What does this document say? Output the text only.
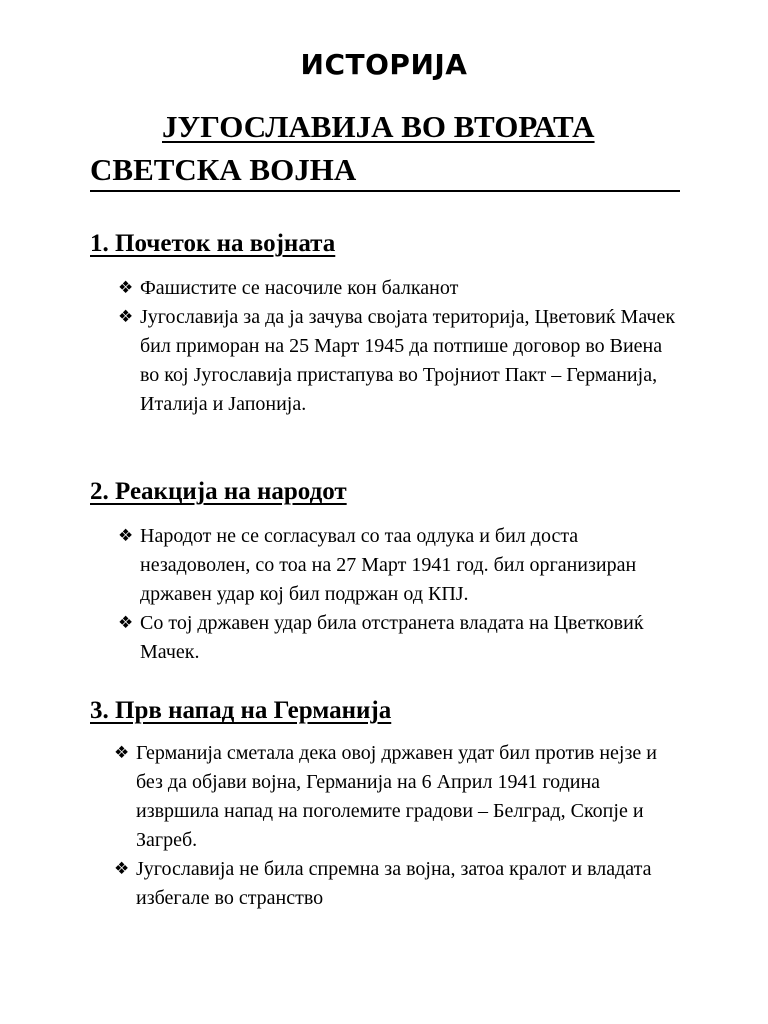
ИСТОРИЈА
ЈУГОСЛАВИЈА ВО ВТОРАТА
СВЕТСКА ВОЈНА
1. Почеток на војната
❖ Фашистите се насочиле кон балканот
❖ Југославија за да ја зачува својата територија, Цветовиќ Мачек бил приморан на 25 Март 1945 да потпише договор во Виена во кој Југославија пристапува во Тројниот Пакт – Германија, Италија и Јапонија.
2. Реакција на народот
❖ Народот не се согласувал со таа одлука и бил доста незадоволен, со тоа на 27 Март 1941 год. бил организиран државен удар кој бил подржан од КПЈ.
❖ Со тој државен удар била отстранета владата на Цветковиќ Мачек.
3. Прв напад на Германија
❖ Германија сметала дека овој државен удат бил против нејзе и без да објави војна, Германија на 6 Април 1941 година извршила напад на поголемите градови – Белград, Скопје и Загреб.
❖ Југославија не била спремна за војна, затоа кралот и владата избегале во странство
